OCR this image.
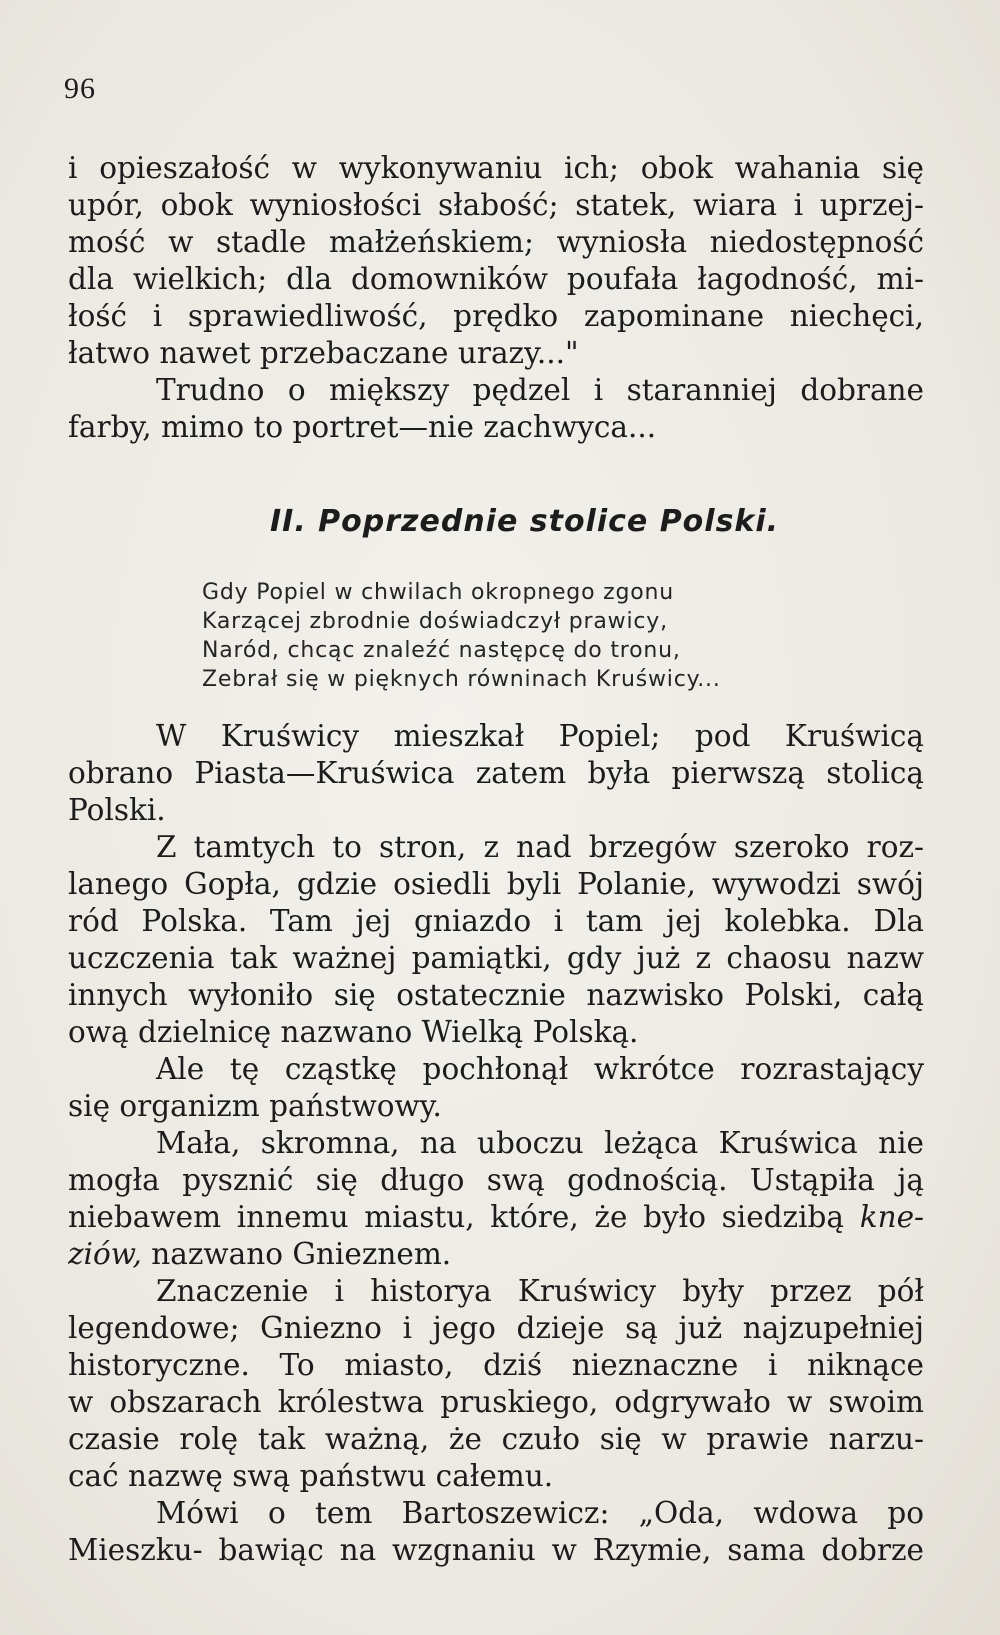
96
i opieszałość w wykonywaniu ich; obok wahania się
upór, obok wyniosłości słabość; statek, wiara i uprzej-
mość w stadle małżeńskiem; wyniosła niedostępność
dla wielkich; dla domowników poufała łagodność, mi-
łość i sprawiedliwość, prędko zapominane niechęci,
łatwo nawet przebaczane urazy..."
Trudno o miększy pędzel i staranniej dobrane
farby, mimo to portret—nie zachwyca...
II. Poprzednie stolice Polski.
Gdy Popiel w chwilach okropnego zgonu
Karzącej zbrodnie doświadczył prawicy,
Naród, chcąc znaleźć następcę do tronu,
Zebrał się w pięknych równinach Kruświcy...
W Kruświcy mieszkał Popiel; pod Kruświcą
obrano Piasta—Kruświca zatem była pierwszą stolicą
Polski.
Z tamtych to stron, z nad brzegów szeroko roz-
lanego Gopła, gdzie osiedli byli Polanie, wywodzi swój
ród Polska. Tam jej gniazdo i tam jej kolebka. Dla
uczczenia tak ważnej pamiątki, gdy już z chaosu nazw
innych wyłoniło się ostatecznie nazwisko Polski, całą
ową dzielnicę nazwano Wielką Polską.
Ale tę cząstkę pochłonął wkrótce rozrastający
się organizm państwowy.
Mała, skromna, na uboczu leżąca Kruświca nie
mogła pysznić się długo swą godnością. Ustąpiła ją
niebawem innemu miastu, które, że było siedzibą kne-
ziów, nazwano Gnieznem.
Znaczenie i historya Kruświcy były przez pół
legendowe; Gniezno i jego dzieje są już najzupełniej
historyczne. To miasto, dziś nieznaczne i niknące
w obszarach królestwa pruskiego, odgrywało w swoim
czasie rolę tak ważną, że czuło się w prawie narzu-
cać nazwę swą państwu całemu.
Mówi o tem Bartoszewicz: „Oda, wdowa po
Mieszku- bawiąc na wzgnaniu w Rzymie, sama dobrze
